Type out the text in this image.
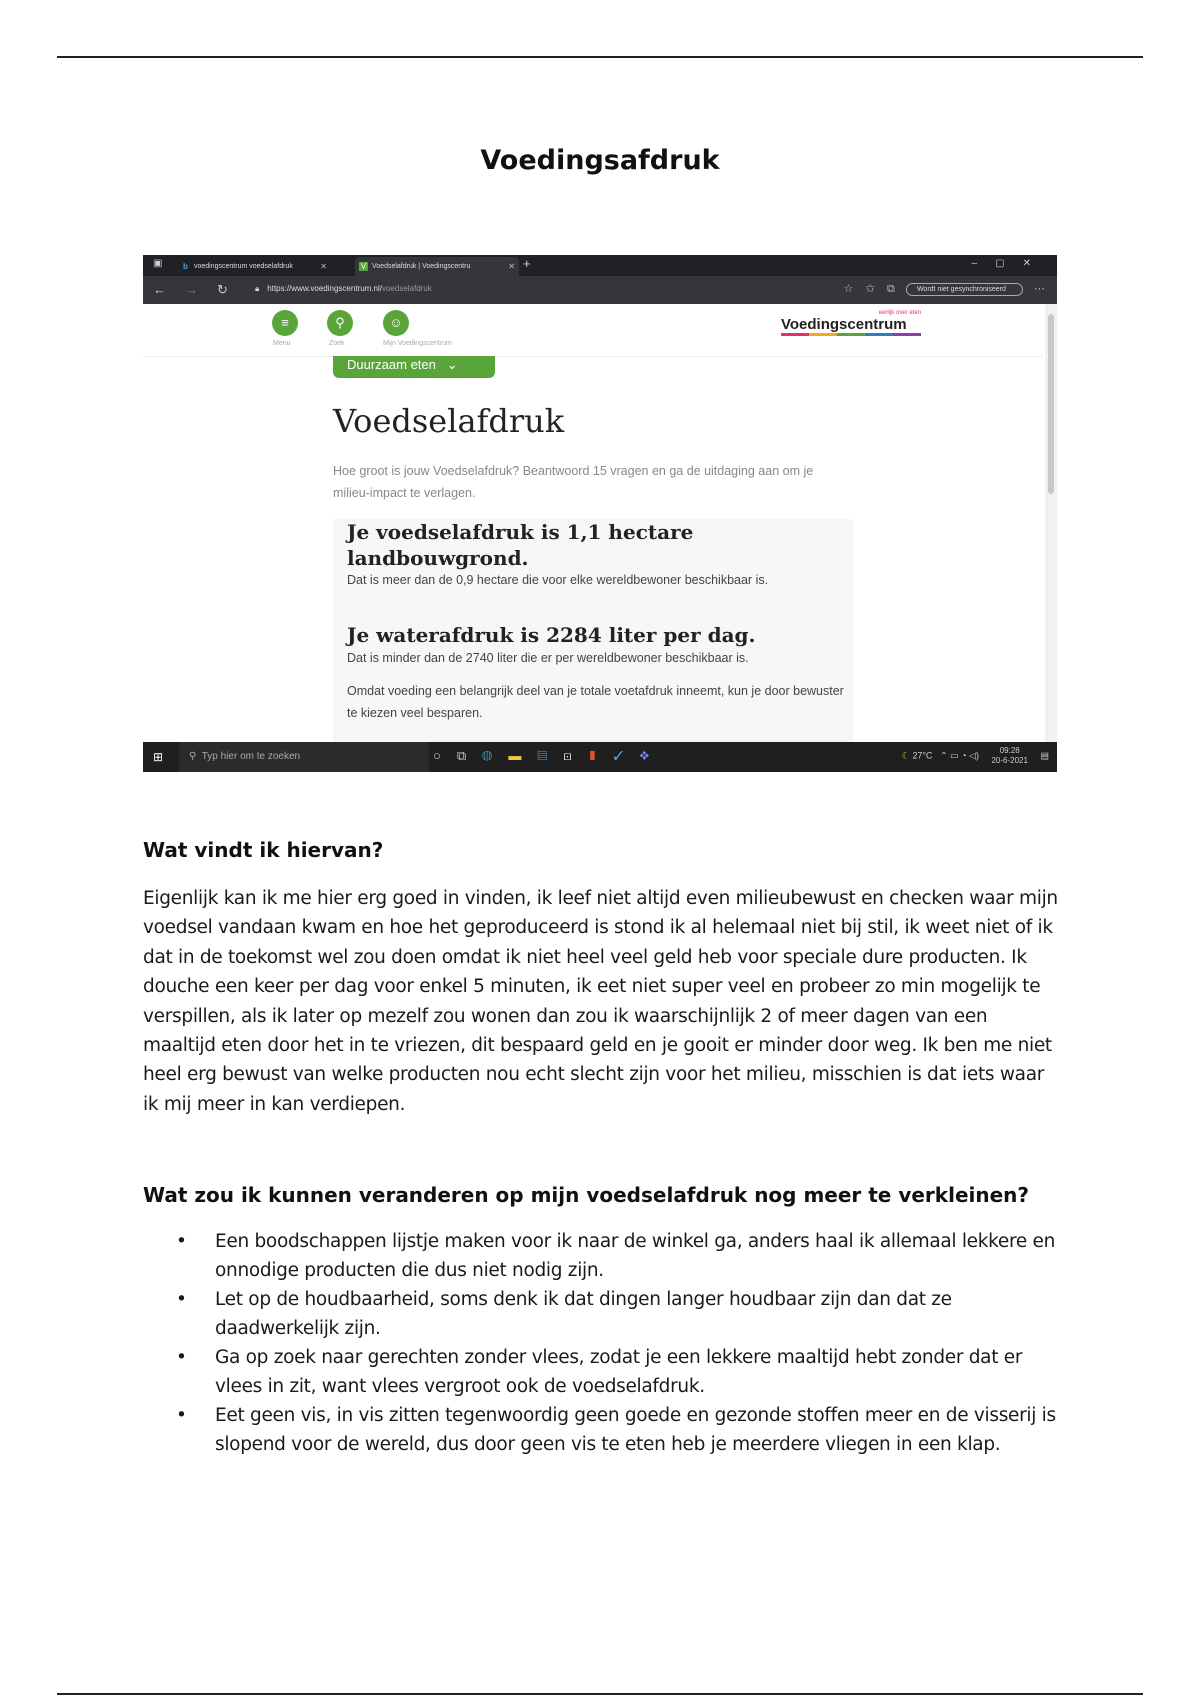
Voedingsafdruk
▣	b voedingscentrum voedselafdruk	✕	V Voedselafdruk | Voedingscentru	✕ +	–▢✕
← → ↻	🔒︎ https://www.voedingscentrum.nl/voedselafdruk	☆ ✩ ⧉	Wordt niet gesynchroniseerd	⋯
≡
Menu
⚲
Zoek
☺
Mijn Voedingscentrum
eerlijk over eten
Voedingscentrum
Duurzaam eten ⌄
Voedselafdruk
Hoe groot is jouw Voedselafdruk? Beantwoord 15 vragen en ga de uitdaging aan om je milieu-impact te verlagen.
Je voedselafdruk is 1,1 hectare landbouwgrond.
Dat is meer dan de 0,9 hectare die voor elke wereldbewoner beschikbaar is.
Je waterafdruk is 2284 liter per dag.
Dat is minder dan de 2740 liter die er per wereldbewoner beschikbaar is.
Omdat voeding een belangrijk deel van je totale voetafdruk inneemt, kun je door bewuster te kiezen veel besparen.
⊞	⚲ Typ hier om te zoeken	○⧉◍▬▤⊡▮✓❖	☾ 27°C ⌃ ▭ ◔ ◁)	09:28
20-6-2021 ▤
Wat vindt ik hiervan?
Eigenlijk kan ik me hier erg goed in vinden, ik leef niet altijd even milieubewust en checken waar mijn voedsel vandaan kwam en hoe het geproduceerd is stond ik al helemaal niet bij stil, ik weet niet of ik dat in de toekomst wel zou doen omdat ik niet heel veel geld heb voor speciale dure producten. Ik douche een keer per dag voor enkel 5 minuten, ik eet niet super veel en probeer zo min mogelijk te verspillen, als ik later op mezelf zou wonen dan zou ik waarschijnlijk 2 of meer dagen van een maaltijd eten door het in te vriezen, dit bespaard geld en je gooit er minder door weg. Ik ben me niet heel erg bewust van welke producten nou echt slecht zijn voor het milieu, misschien is dat iets waar ik mij meer in kan verdiepen.
Wat zou ik kunnen veranderen op mijn voedselafdruk nog meer te verkleinen?
• Een boodschappen lijstje maken voor ik naar de winkel ga, anders haal ik allemaal lekkere en onnodige producten die dus niet nodig zijn.
• Let op de houdbaarheid, soms denk ik dat dingen langer houdbaar zijn dan dat ze daadwerkelijk zijn.
• Ga op zoek naar gerechten zonder vlees, zodat je een lekkere maaltijd hebt zonder dat er vlees in zit, want vlees vergroot ook de voedselafdruk.
• Eet geen vis, in vis zitten tegenwoordig geen goede en gezonde stoffen meer en de visserij is slopend voor de wereld, dus door geen vis te eten heb je meerdere vliegen in een klap.
